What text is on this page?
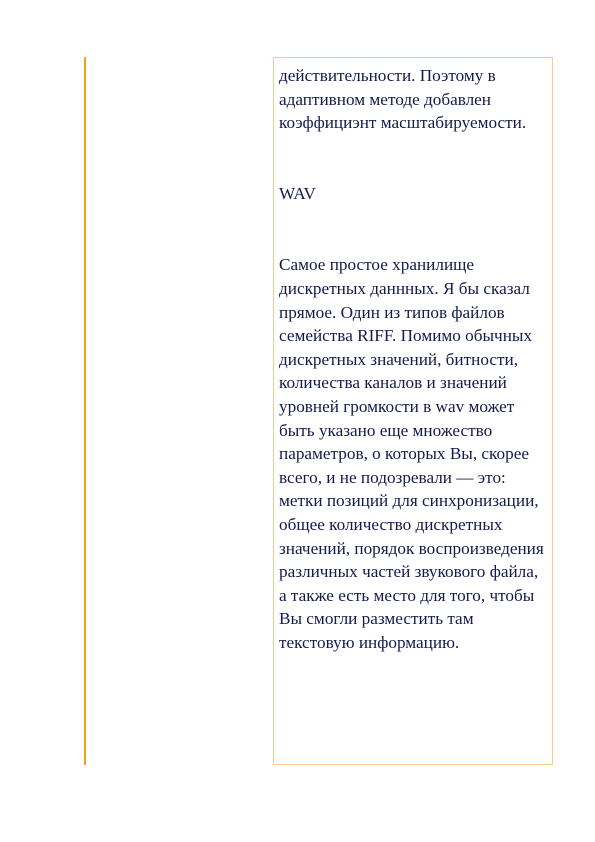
действительности. Поэтому в адаптивном методе добавлен коэффициэнт масштабируемости.

WAV

Самое простое хранилище дискретных даннных. Я бы сказал прямое. Один из типов файлов семейства RIFF. Помимо обычных дискретных значений, битности, количества каналов и значений уровней громкости в wav может быть указано еще множество параметров, о которых Вы, скорее всего, и не подозревали — это: метки позиций для синхронизации, общее количество дискретных значений, порядок воспроизведения различных частей звукового файла, а также есть место для того, чтобы Вы смогли разместить там текстовую информацию.
